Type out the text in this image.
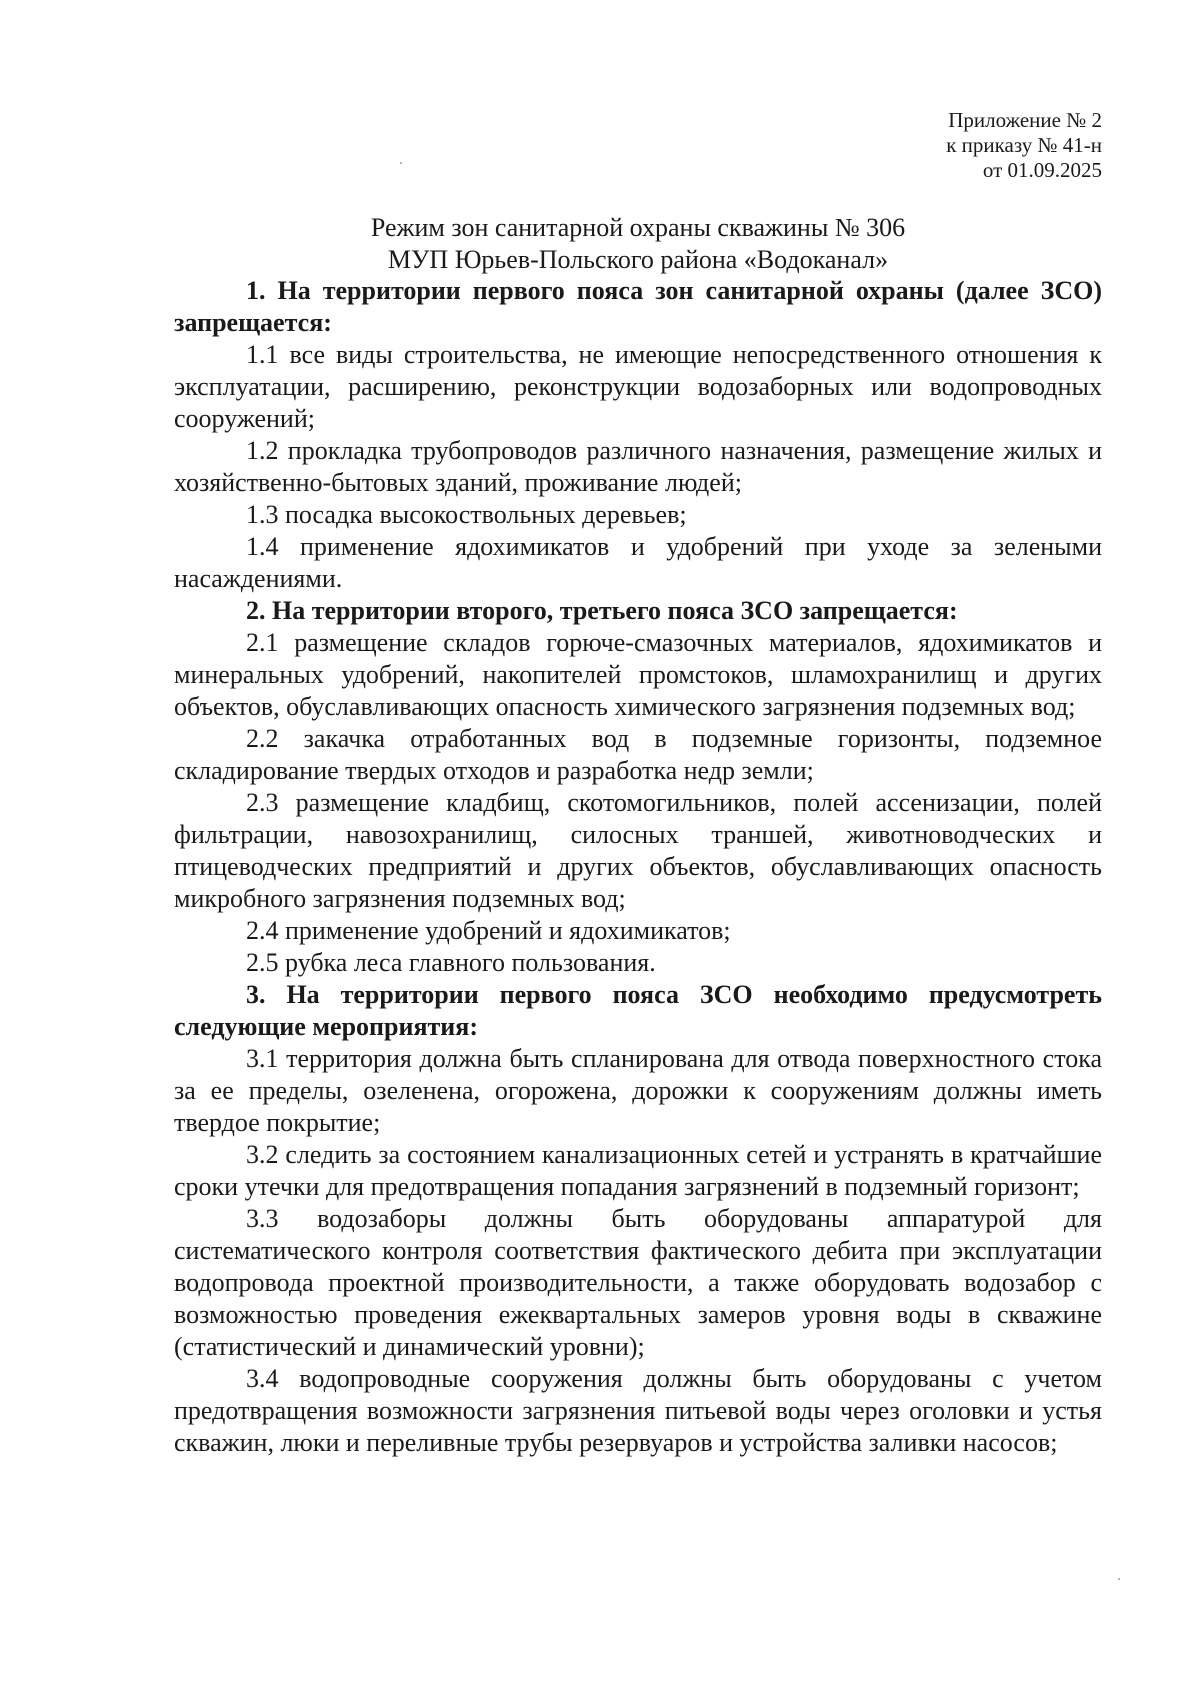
Приложение № 2
к приказу № 41-н
от 01.09.2025
Режим зон санитарной охраны скважины № 306
МУП Юрьев-Польского района «Водоканал»

1. На территории первого пояса зон санитарной охраны (далее ЗСО) запрещается:

1.1 все виды строительства, не имеющие непосредственного отношения к эксплуатации, расширению, реконструкции водозаборных или водопроводных сооружений;

1.2 прокладка трубопроводов различного назначения, размещение жилых и хозяйственно-бытовых зданий, проживание людей;

1.3 посадка высокоствольных деревьев;

1.4 применение ядохимикатов и удобрений при уходе за зелеными насаждениями.

2. На территории второго, третьего пояса ЗСО запрещается:

2.1 размещение складов горюче-смазочных материалов, ядохимикатов и минеральных удобрений, накопителей промстоков, шламохранилищ и других объектов, обуславливающих опасность химического загрязнения подземных вод;

2.2 закачка отработанных вод в подземные горизонты, подземное складирование твердых отходов и разработка недр земли;

2.3 размещение кладбищ, скотомогильников, полей ассенизации, полей фильтрации, навозохранилищ, силосных траншей, животноводческих и птицеводческих предприятий и других объектов, обуславливающих опасность микробного загрязнения подземных вод;

2.4 применение удобрений и ядохимикатов;

2.5 рубка леса главного пользования.

3. На территории первого пояса ЗСО необходимо предусмотреть следующие мероприятия:

3.1 территория должна быть спланирована для отвода поверхностного стока за ее пределы, озеленена, огорожена, дорожки к сооружениям должны иметь твердое покрытие;

3.2 следить за состоянием канализационных сетей и устранять в кратчайшие сроки утечки для предотвращения попадания загрязнений в подземный горизонт;

3.3 водозаборы должны быть оборудованы аппаратурой для систематического контроля соответствия фактического дебита при эксплуатации водопровода проектной производительности, а также оборудовать водозабор с возможностью проведения ежеквартальных замеров уровня воды в скважине (статистический и динамический уровни);

3.4 водопроводные сооружения должны быть оборудованы с учетом предотвращения возможности загрязнения питьевой воды через оголовки и устья скважин, люки и переливные трубы резервуаров и устройства заливки насосов;
